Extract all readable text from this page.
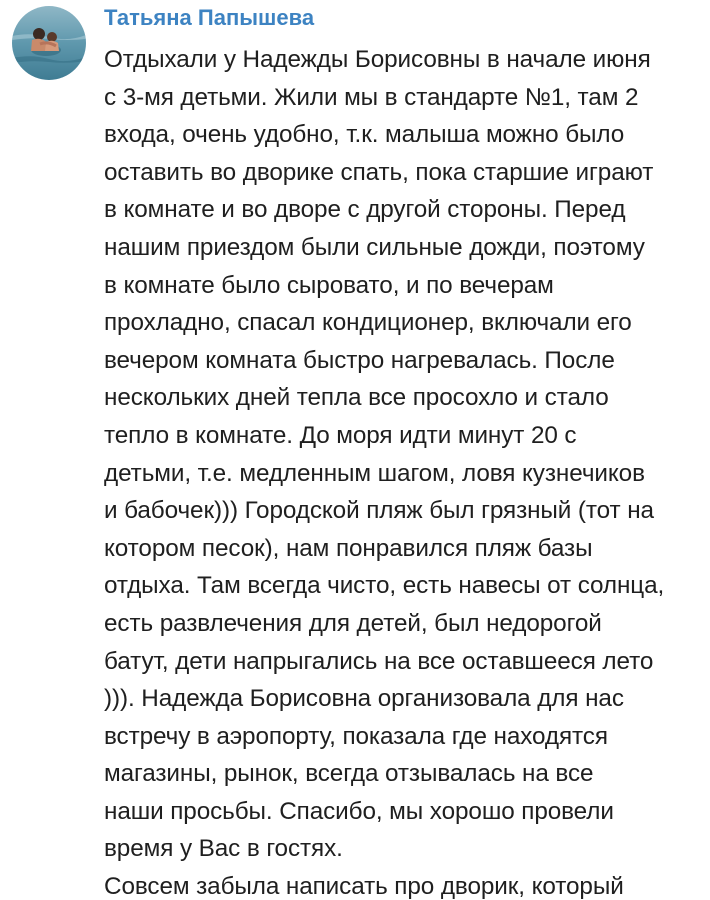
Татьяна Папышева
Отдыхали у Надежды Борисовны в начале июня
с 3-мя детьми. Жили мы в стандарте №1, там 2
входа, очень удобно, т.к. малыша можно было
оставить во дворике спать, пока старшие играют
в комнате и во дворе с другой стороны. Перед
нашим приездом были сильные дожди, поэтому
в комнате было сыровато, и по вечерам
прохладно, спасал кондиционер, включали его
вечером комната быстро нагревалась. После
нескольких дней тепла все просохло и стало
тепло в комнате. До моря идти минут 20 с
детьми, т.е. медленным шагом, ловя кузнечиков
и бабочек))) Городской пляж был грязный (тот на
котором песок), нам понравился пляж базы
отдыха. Там всегда чисто, есть навесы от солнца,
есть развлечения для детей, был недорогой
батут, дети напрыгались на все оставшееся лето
))). Надежда Борисовна организовала для нас
встречу в аэропорту, показала где находятся
магазины, рынок, всегда отзывалась на все
наши просьбы. Спасибо, мы хорошо провели
время у Вас в гостях.
Совсем забыла написать про дворик, который
